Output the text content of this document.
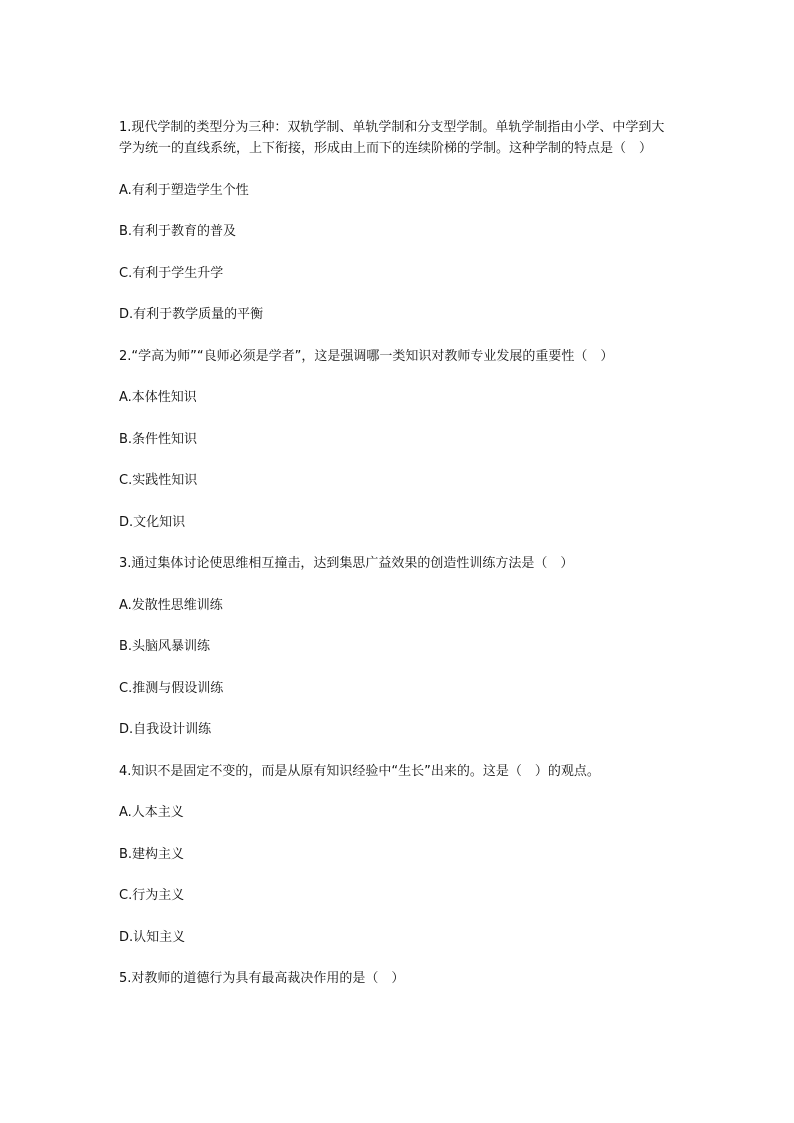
1.现代学制的类型分为三种：双轨学制、单轨学制和分支型学制。单轨学制指由小学、中学到大学为统一的直线系统，上下衔接，形成由上而下的连续阶梯的学制。这种学制的特点是（　）

A.有利于塑造学生个性

B.有利于教育的普及

C.有利于学生升学

D.有利于教学质量的平衡

2.“学高为师”“良师必须是学者”，这是强调哪一类知识对教师专业发展的重要性（　）

A.本体性知识

B.条件性知识

C.实践性知识

D.文化知识

3.通过集体讨论使思维相互撞击，达到集思广益效果的创造性训练方法是（　）

A.发散性思维训练

B.头脑风暴训练

C.推测与假设训练

D.自我设计训练

4.知识不是固定不变的，而是从原有知识经验中“生长”出来的。这是（　）的观点。

A.人本主义

B.建构主义

C.行为主义

D.认知主义

5.对教师的道德行为具有最高裁决作用的是（　）
